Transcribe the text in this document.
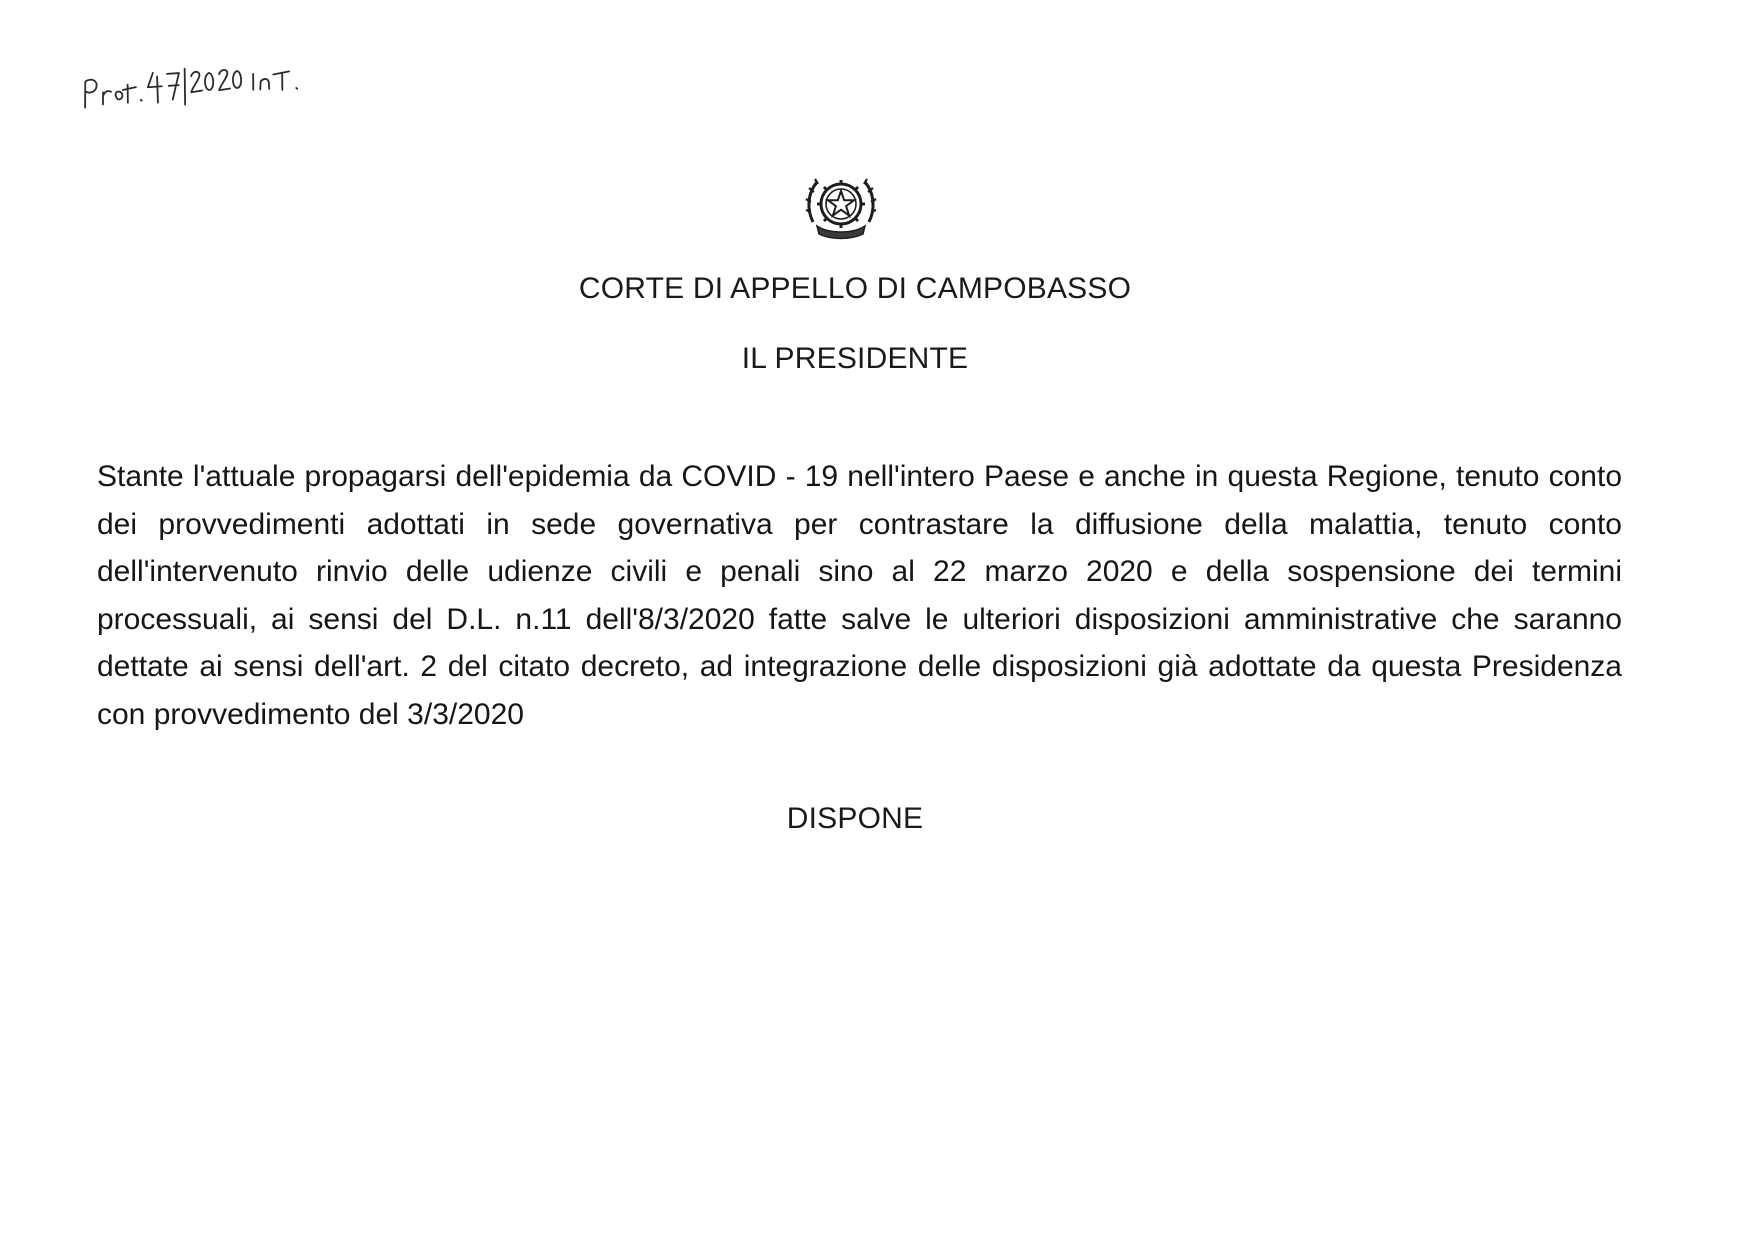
CORTE DI APPELLO DI CAMPOBASSO
IL PRESIDENTE

Stante l'attuale propagarsi dell'epidemia da COVID - 19 nell'intero Paese e anche in questa Regione, tenuto conto dei provvedimenti adottati in sede governativa per contrastare la diffusione della malattia, tenuto conto dell'intervenuto rinvio delle udienze civili e penali sino al 22 marzo 2020 e della sospensione dei termini processuali, ai sensi del D.L. n.11 dell'8/3/2020 fatte salve le ulteriori disposizioni amministrative che saranno dettate ai sensi dell'art. 2 del citato decreto, ad integrazione delle disposizioni già adottate da questa Presidenza con provvedimento del 3/3/2020

DISPONE
